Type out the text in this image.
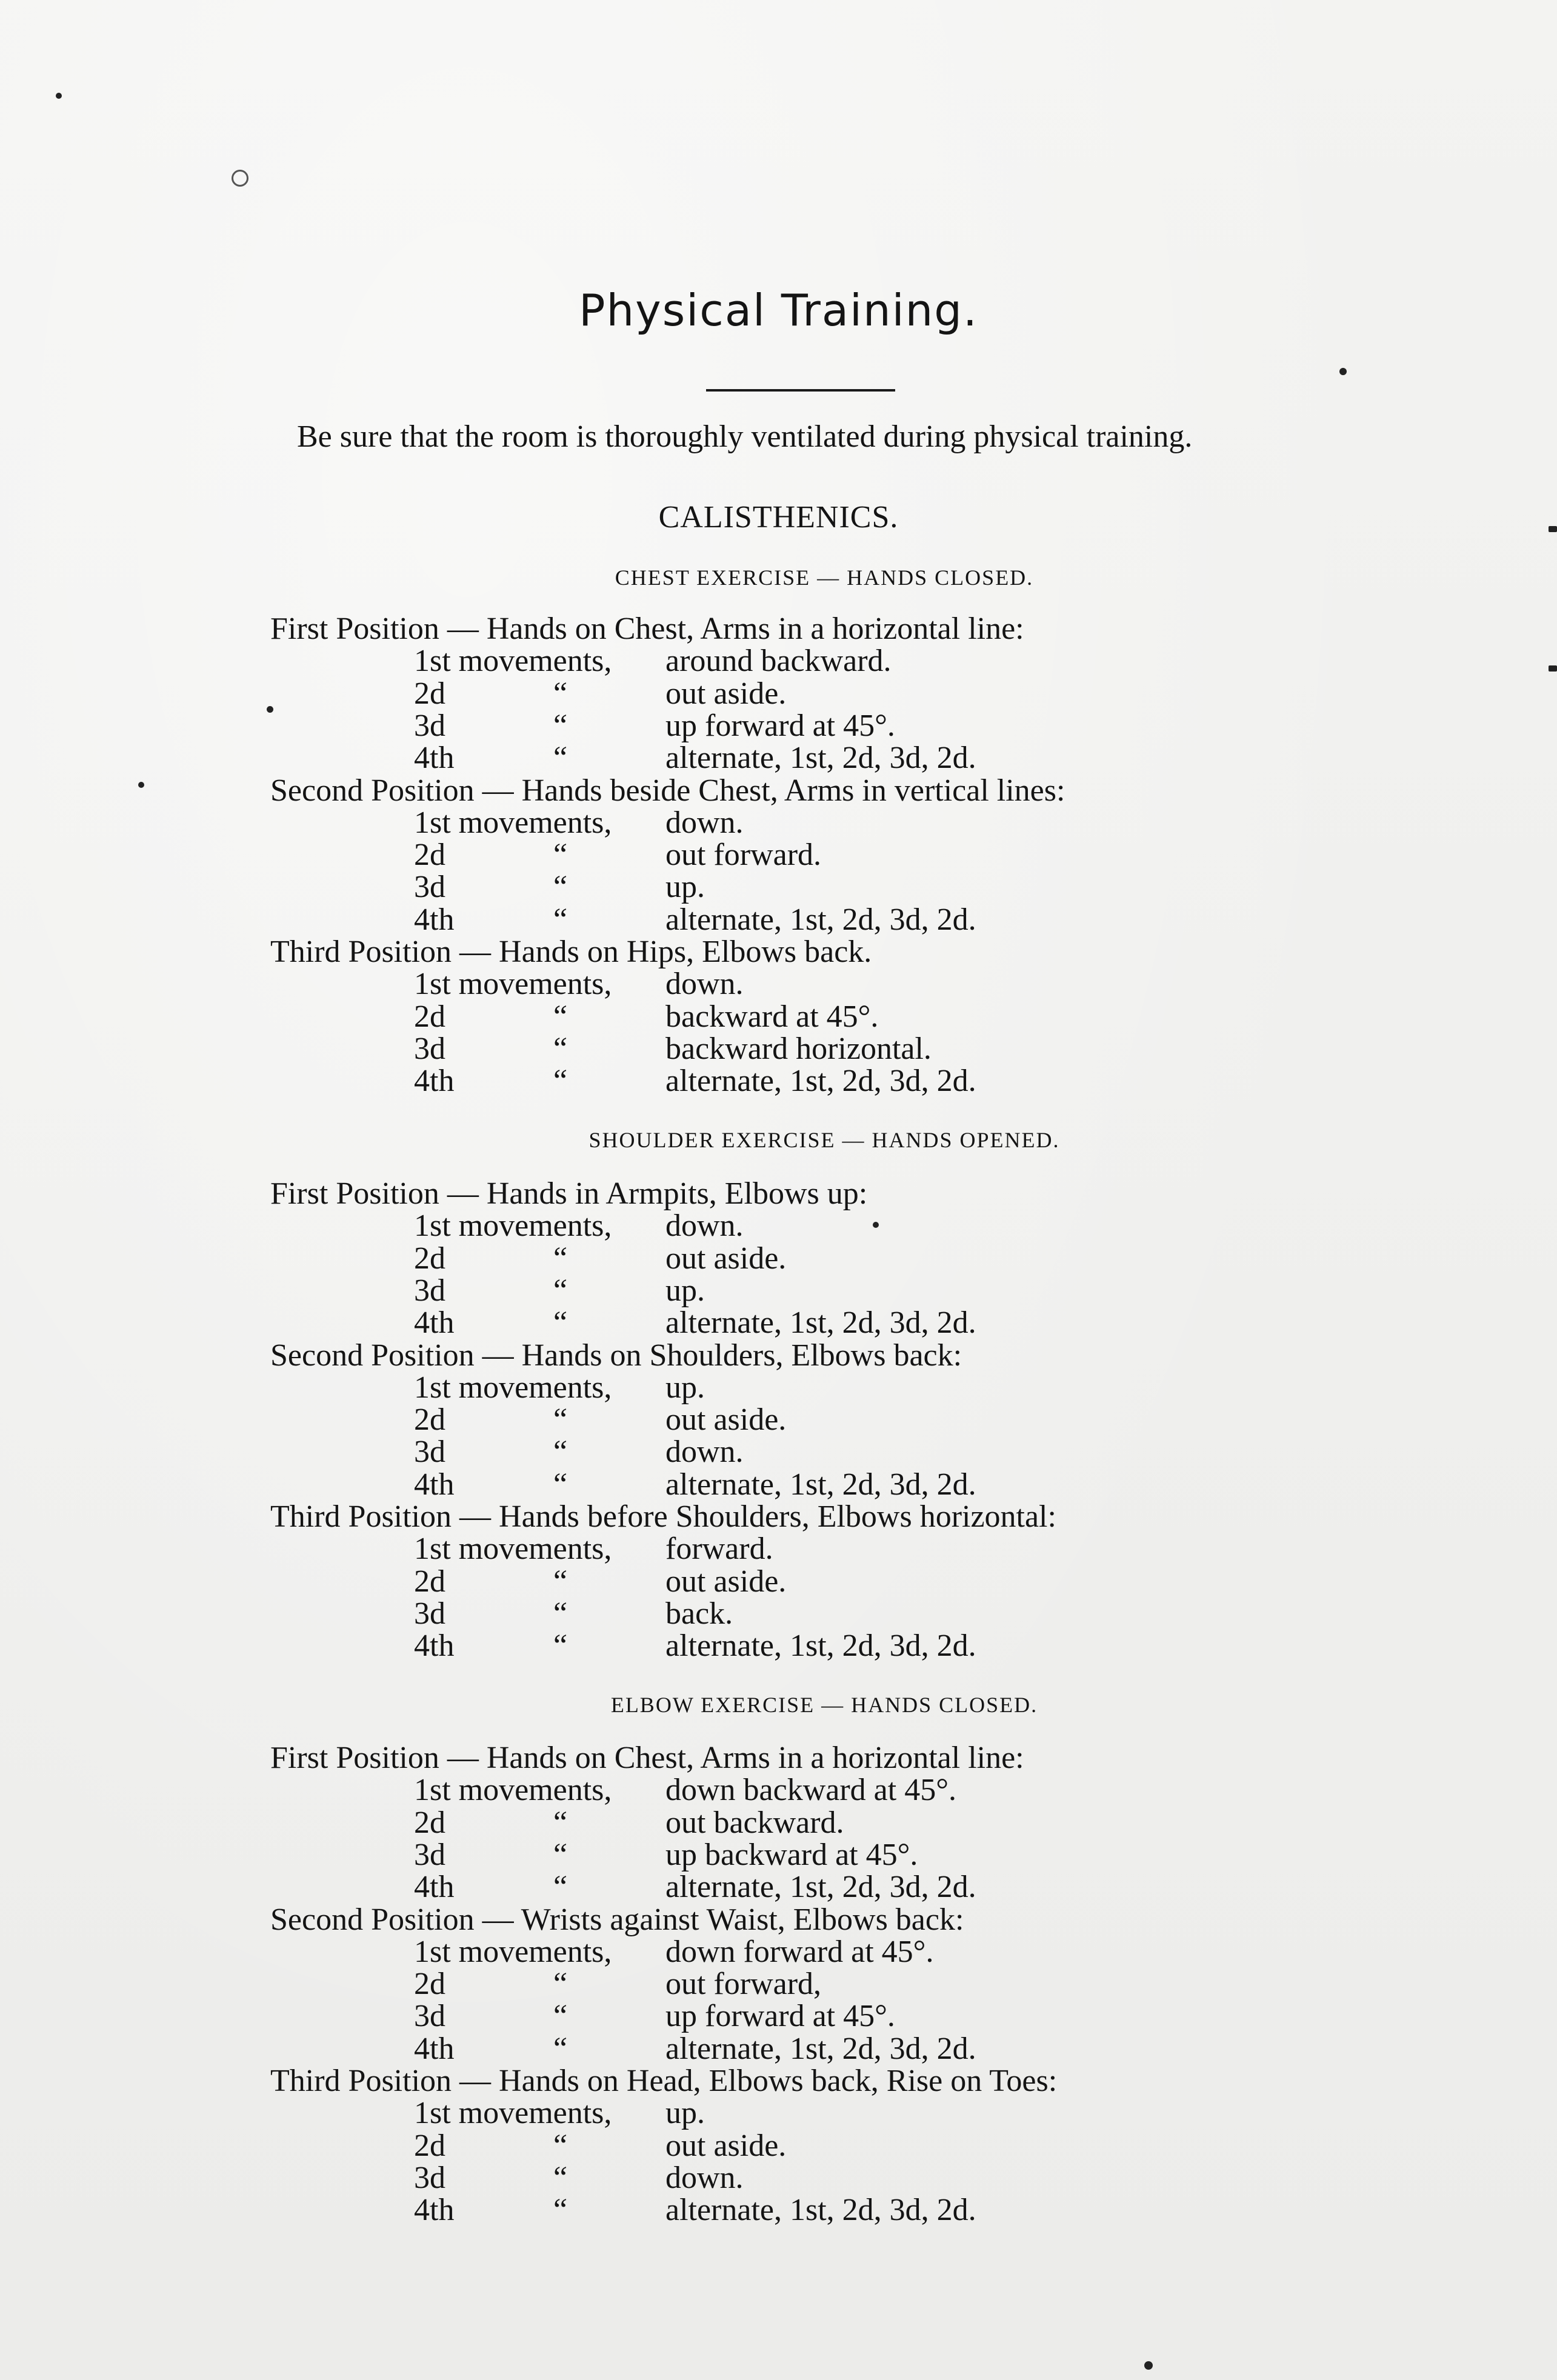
Physical Training.

Be sure that the room is thoroughly ventilated during physical training.

CALISTHENICS.
CHEST EXERCISE — HANDS CLOSED.
First Position — Hands on Chest, Arms in a horizontal line:
1st movements, around backward.
2d	“	out aside.
3d	“	up forward at 45°.
4th	“	alternate, 1st, 2d, 3d, 2d.
Second Position — Hands beside Chest, Arms in vertical lines:
1st movements, down.
2d	“	out forward.
3d	“	up.
4th	“	alternate, 1st, 2d, 3d, 2d.
Third Position — Hands on Hips, Elbows back.
1st movements, down.
2d	“	backward at 45°.
3d	“	backward horizontal.
4th	“	alternate, 1st, 2d, 3d, 2d.
SHOULDER EXERCISE — HANDS OPENED.
First Position — Hands in Armpits, Elbows up:
1st movements, down.
2d	“	out aside.
3d	“	up.
4th	“	alternate, 1st, 2d, 3d, 2d.
Second Position — Hands on Shoulders, Elbows back:
1st movements, up.
2d	“	out aside.
3d	“	down.
4th	“	alternate, 1st, 2d, 3d, 2d.
Third Position — Hands before Shoulders, Elbows horizontal:
1st movements, forward.
2d	“	out aside.
3d	“	back.
4th	“	alternate, 1st, 2d, 3d, 2d.
ELBOW EXERCISE — HANDS CLOSED.
First Position — Hands on Chest, Arms in a horizontal line:
1st movements, down backward at 45°.
2d	“	out backward.
3d	“	up backward at 45°.
4th	“	alternate, 1st, 2d, 3d, 2d.
Second Position — Wrists against Waist, Elbows back:
1st movements, down forward at 45°.
2d	“	out forward,
3d	“	up forward at 45°.
4th	“	alternate, 1st, 2d, 3d, 2d.
Third Position — Hands on Head, Elbows back, Rise on Toes:
1st movements, up.
2d	“	out aside.
3d	“	down.
4th	“	alternate, 1st, 2d, 3d, 2d.
